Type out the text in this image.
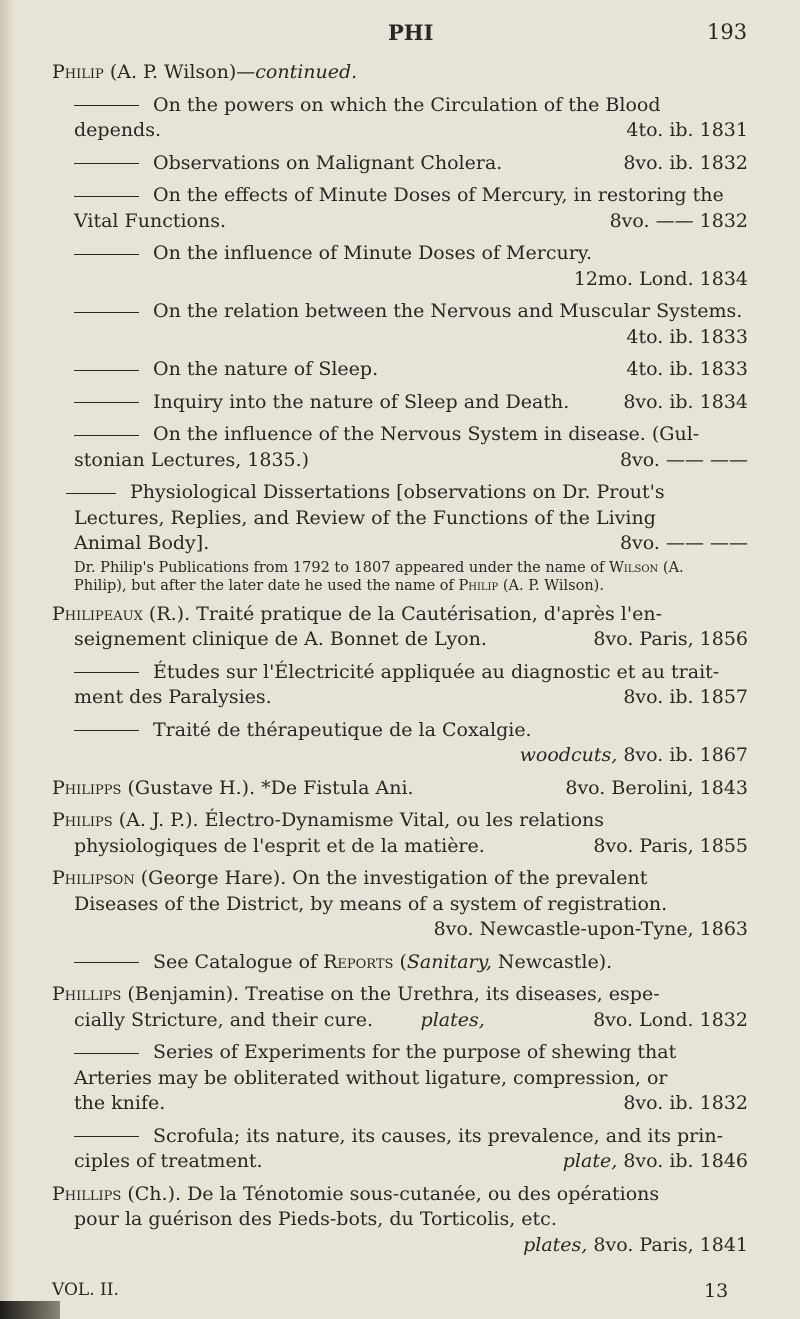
PHI	193
Philip (A. P. Wilson)—continued.
On the powers on which the Circulation of the Blood
depends.	4to. ib. 1831
Observations on Malignant Cholera.	8vo. ib. 1832
On the effects of Minute Doses of Mercury, in restoring the
Vital Functions.	8vo. —— 1832
On the influence of Minute Doses of Mercury.
12mo. Lond. 1834
On the relation between the Nervous and Muscular Systems.
4to. ib. 1833
On the nature of Sleep.	4to. ib. 1833
Inquiry into the nature of Sleep and Death.	8vo. ib. 1834
On the influence of the Nervous System in disease. (Gul-
stonian Lectures, 1835.)	8vo. —— ——
Physiological Dissertations [observations on Dr. Prout's
Lectures, Replies, and Review of the Functions of the Living
Animal Body].	8vo. —— ——
Dr. Philip's Publications from 1792 to 1807 appeared under the name of Wilson (A. Philip), but after the later date he used the name of Philip (A. P. Wilson).
Philipeaux (R.). Traité pratique de la Cautérisation, d'après l'en-
seignement clinique de A. Bonnet de Lyon.	8vo. Paris, 1856
Études sur l'Électricité appliquée au diagnostic et au trait-
ment des Paralysies.	8vo. ib. 1857
Traité de thérapeutique de la Coxalgie.
woodcuts, 8vo. ib. 1867
Philipps (Gustave H.). *De Fistula Ani.	8vo. Berolini, 1843
Philips (A. J. P.). Électro-Dynamisme Vital, ou les relations
physiologiques de l'esprit et de la matière.	8vo. Paris, 1855
Philipson (George Hare). On the investigation of the prevalent
Diseases of the District, by means of a system of registration.
8vo. Newcastle-upon-Tyne, 1863
See Catalogue of Reports (Sanitary, Newcastle).
Phillips (Benjamin). Treatise on the Urethra, its diseases, espe-
cially Stricture, and their cure.   	plates,	8vo. Lond. 1832
Series of Experiments for the purpose of shewing that
Arteries may be obliterated without ligature, compression, or
the knife.	8vo. ib. 1832
Scrofula; its nature, its causes, its prevalence, and its prin-
ciples of treatment.	plate, 8vo. ib. 1846
Phillips (Ch.). De la Ténotomie sous-cutanée, ou des opérations
pour la guérison des Pieds-bots, du Torticolis, etc.
plates, 8vo. Paris, 1841
VOL. II.	13
